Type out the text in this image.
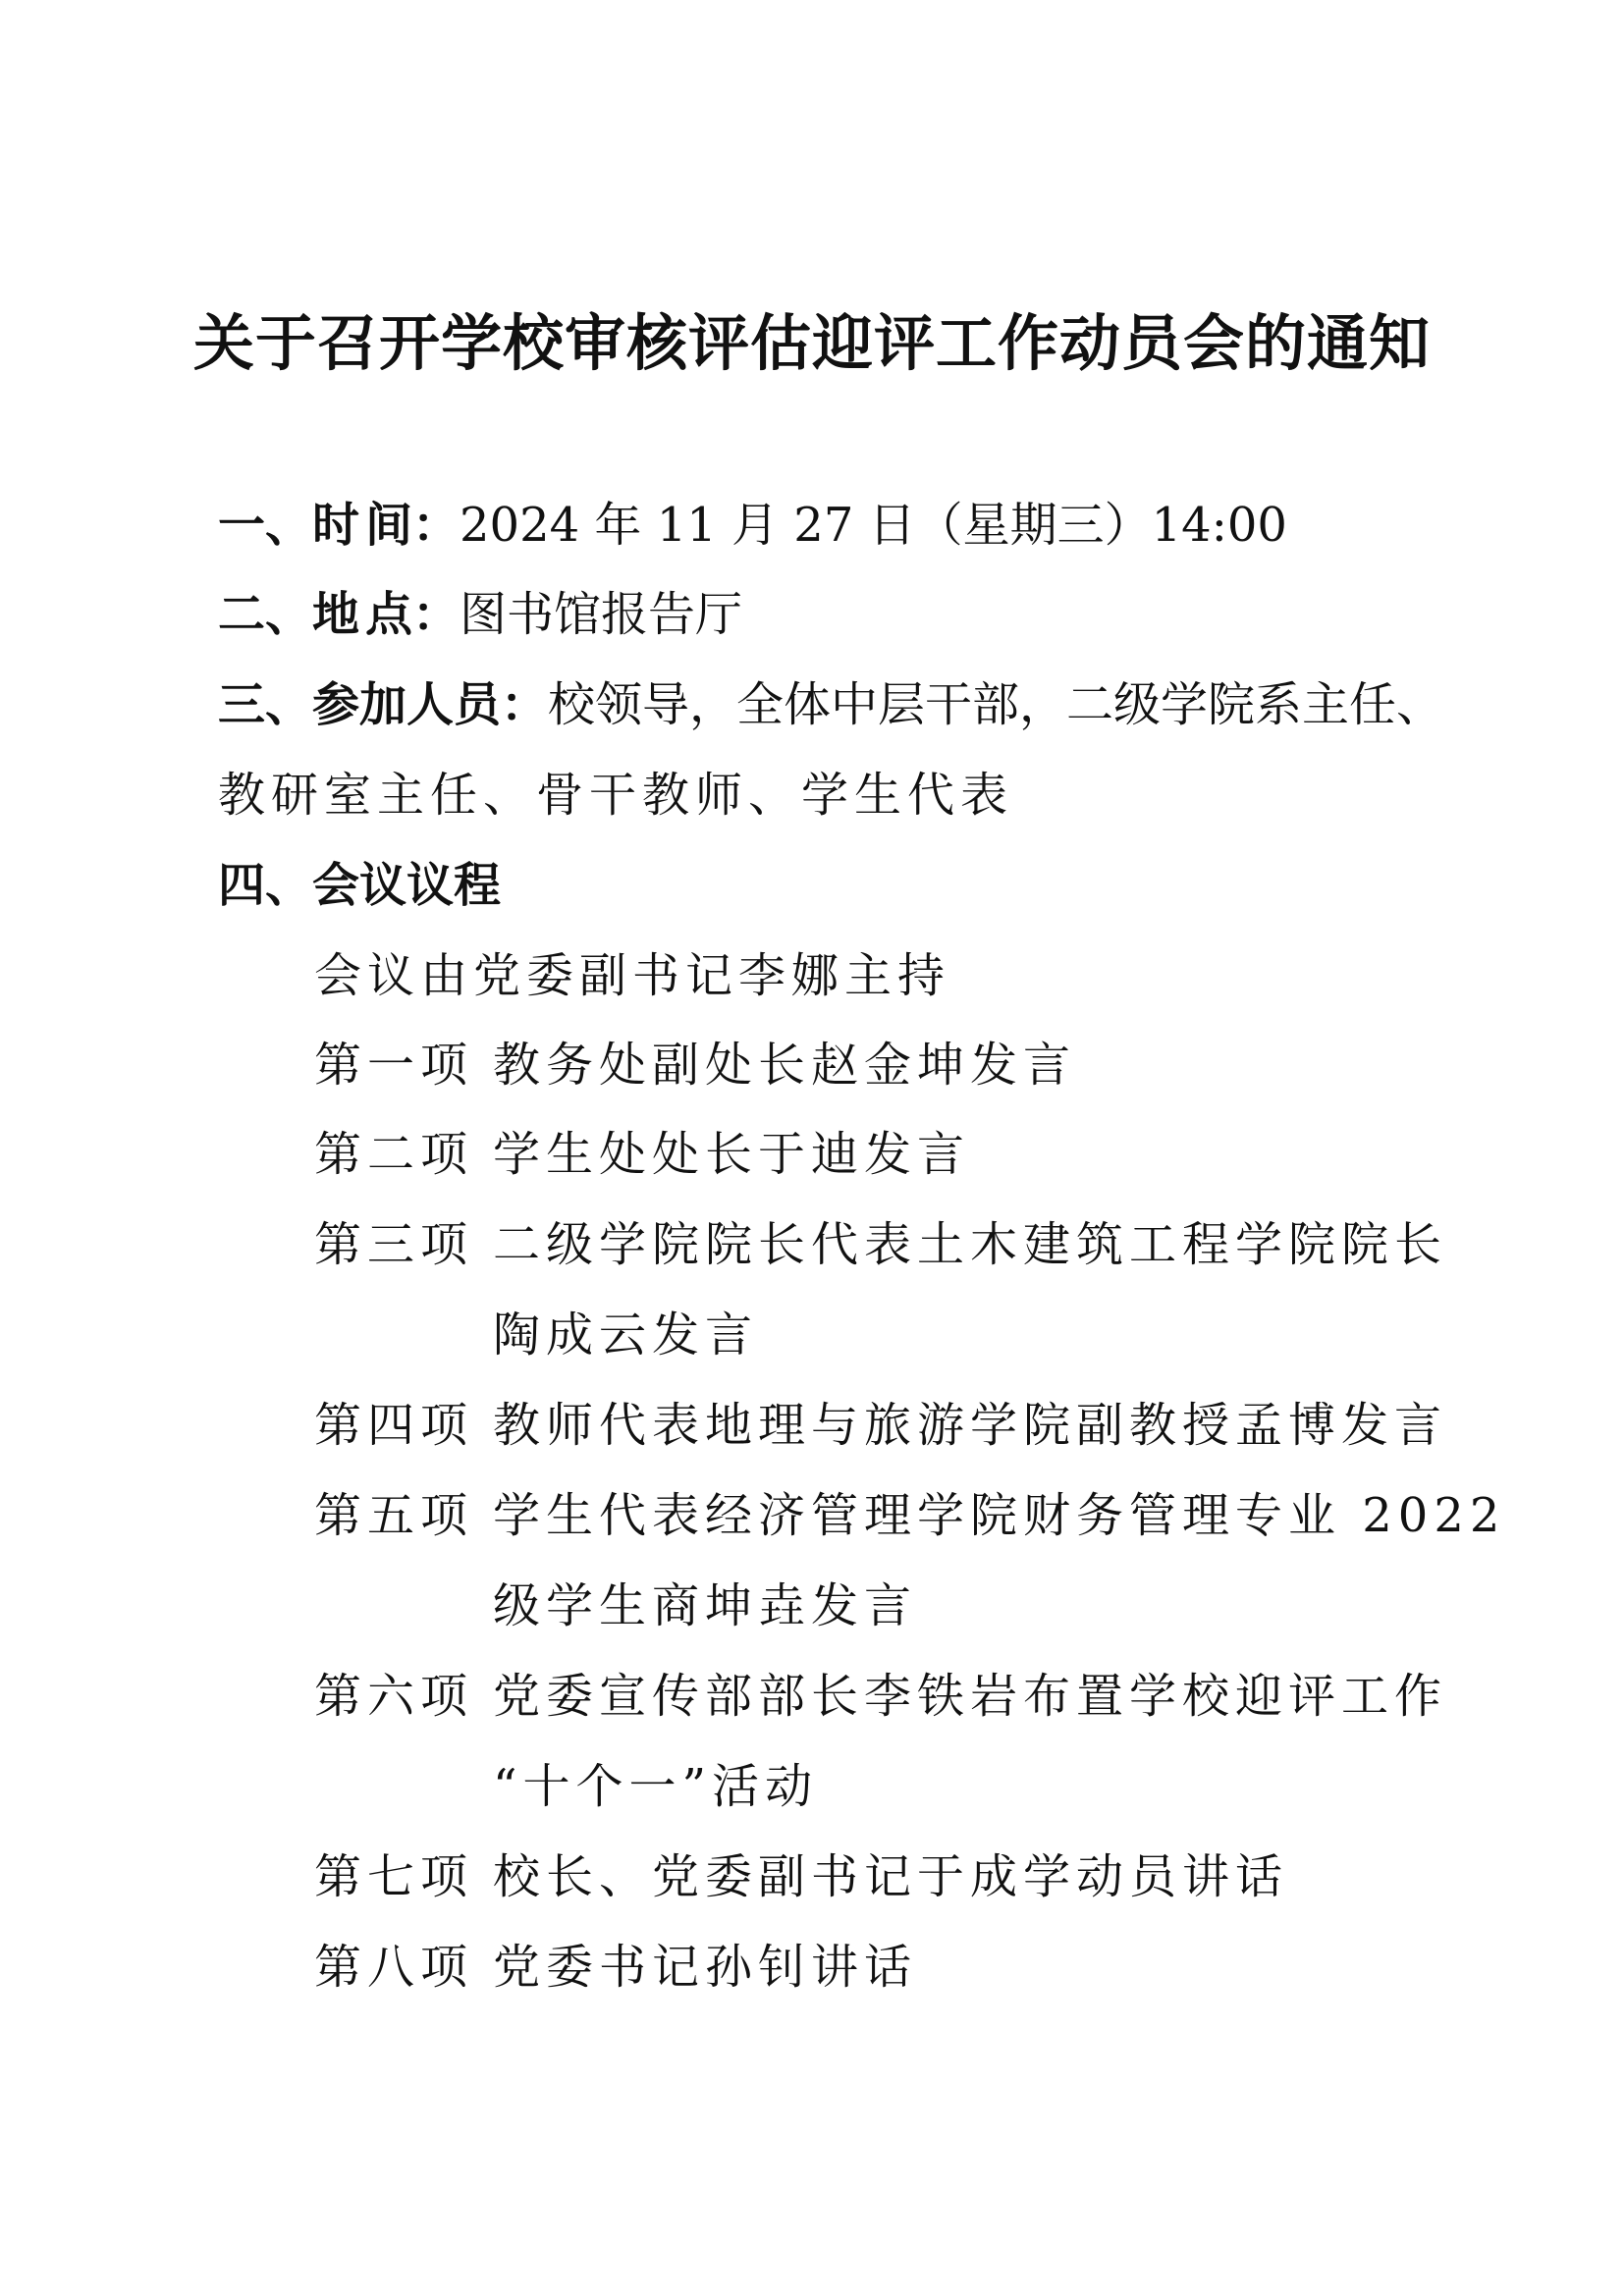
关于召开学校审核评估迎评工作动员会的通知
一、时 间：2024 年 11 月 27 日（星期三）14:00
二、地 点：图书馆报告厅
三、参加人员：校领导，全体中层干部，二级学院系主任、
教研室主任、骨干教师、学生代表
四、会议议程
会议由党委副书记李娜主持
第一项 教务处副处长赵金坤发言
第二项 学生处处长于迪发言
第三项 二级学院院长代表土木建筑工程学院院长
陶成云发言
第四项 教师代表地理与旅游学院副教授孟博发言
第五项 学生代表经济管理学院财务管理专业 2022
级学生商坤垚发言
第六项 党委宣传部部长李铁岩布置学校迎评工作
“十个一”活动
第七项 校长、党委副书记于成学动员讲话
第八项 党委书记孙钊讲话
